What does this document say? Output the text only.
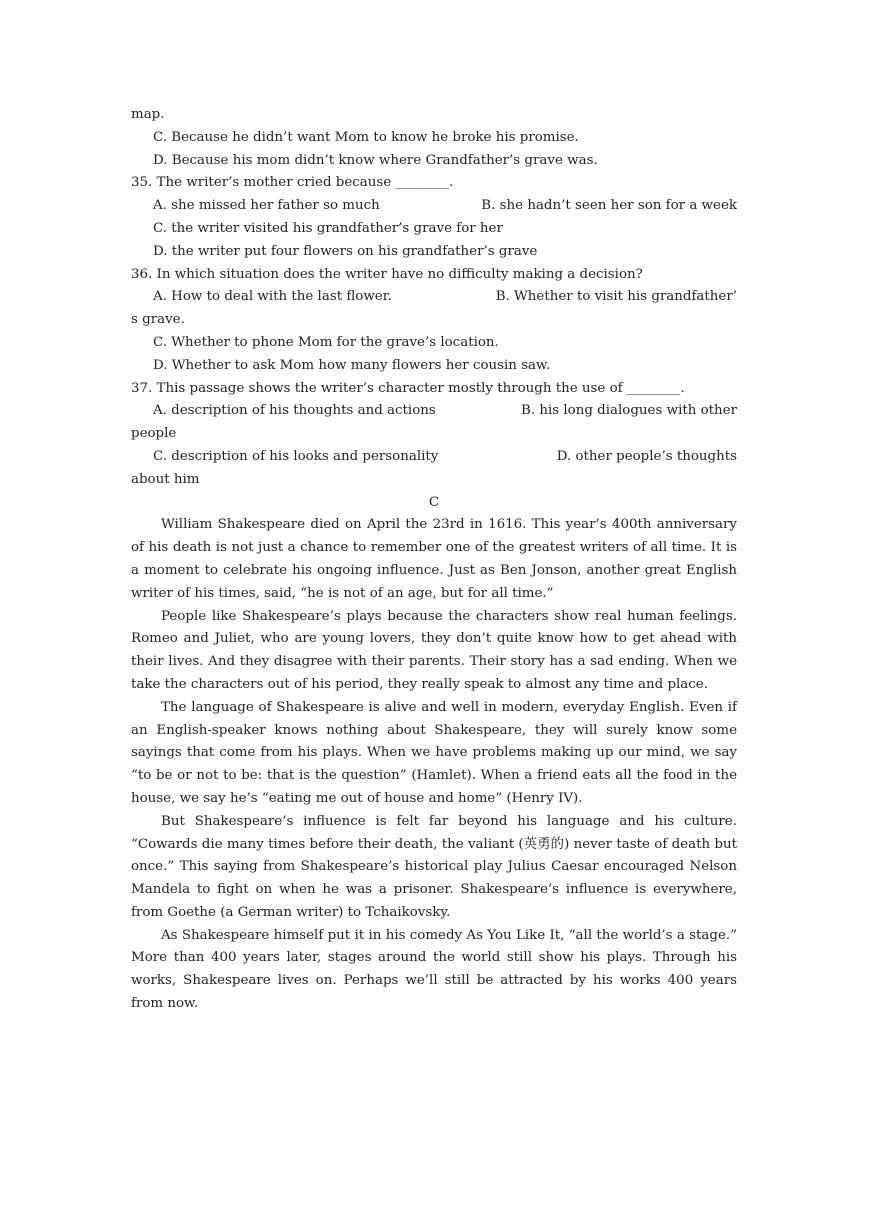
map.
C. Because he didn’t want Mom to know he broke his promise.
D. Because his mom didn’t know where Grandfather’s grave was.
35. The writer’s mother cried because ________.
A. she missed her father so much	B. she hadn’t seen her son for a week
C. the writer visited his grandfather’s grave for her
D. the writer put four flowers on his grandfather’s grave
36. In which situation does the writer have no difficulty making a decision?
A. How to deal with the last flower.	B. Whether to visit his grandfather’
s grave.
C. Whether to phone Mom for the grave’s location.
D. Whether to ask Mom how many flowers her cousin saw.
37. This passage shows the writer’s character mostly through the use of ________.
A. description of his thoughts and actions	B. his long dialogues with other
people
C. description of his looks and personality	D. other people’s thoughts
about him
C

William Shakespeare died on April the 23rd in 1616. This year’s 400th anniversary of his death is not just a chance to remember one of the greatest writers of all time. It is a moment to celebrate his ongoing influence. Just as Ben Jonson, another great English writer of his times, said, “he is not of an age, but for all time.”

People like Shakespeare’s plays because the characters show real human feelings. Romeo and Juliet, who are young lovers, they don’t quite know how to get ahead with their lives. And they disagree with their parents. Their story has a sad ending. When we take the characters out of his period, they really speak to almost any time and place.

The language of Shakespeare is alive and well in modern, everyday English. Even if an English-speaker knows nothing about Shakespeare, they will surely know some sayings that come from his plays. When we have problems making up our mind, we say “to be or not to be: that is the question” (Hamlet). When a friend eats all the food in the house, we say he’s “eating me out of house and home” (Henry IV).

But Shakespeare’s influence is felt far beyond his language and his culture. “Cowards die many times before their death, the valiant (英勇的) never taste of death but once.” This saying from Shakespeare’s historical play Julius Caesar encouraged Nelson Mandela to fight on when he was a prisoner. Shakespeare’s influence is everywhere, from Goethe (a German writer) to Tchaikovsky.

As Shakespeare himself put it in his comedy As You Like It, “all the world’s a stage.” More than 400 years later, stages around the world still show his plays. Through his works, Shakespeare lives on. Perhaps we’ll still be attracted by his works 400 years from now.
